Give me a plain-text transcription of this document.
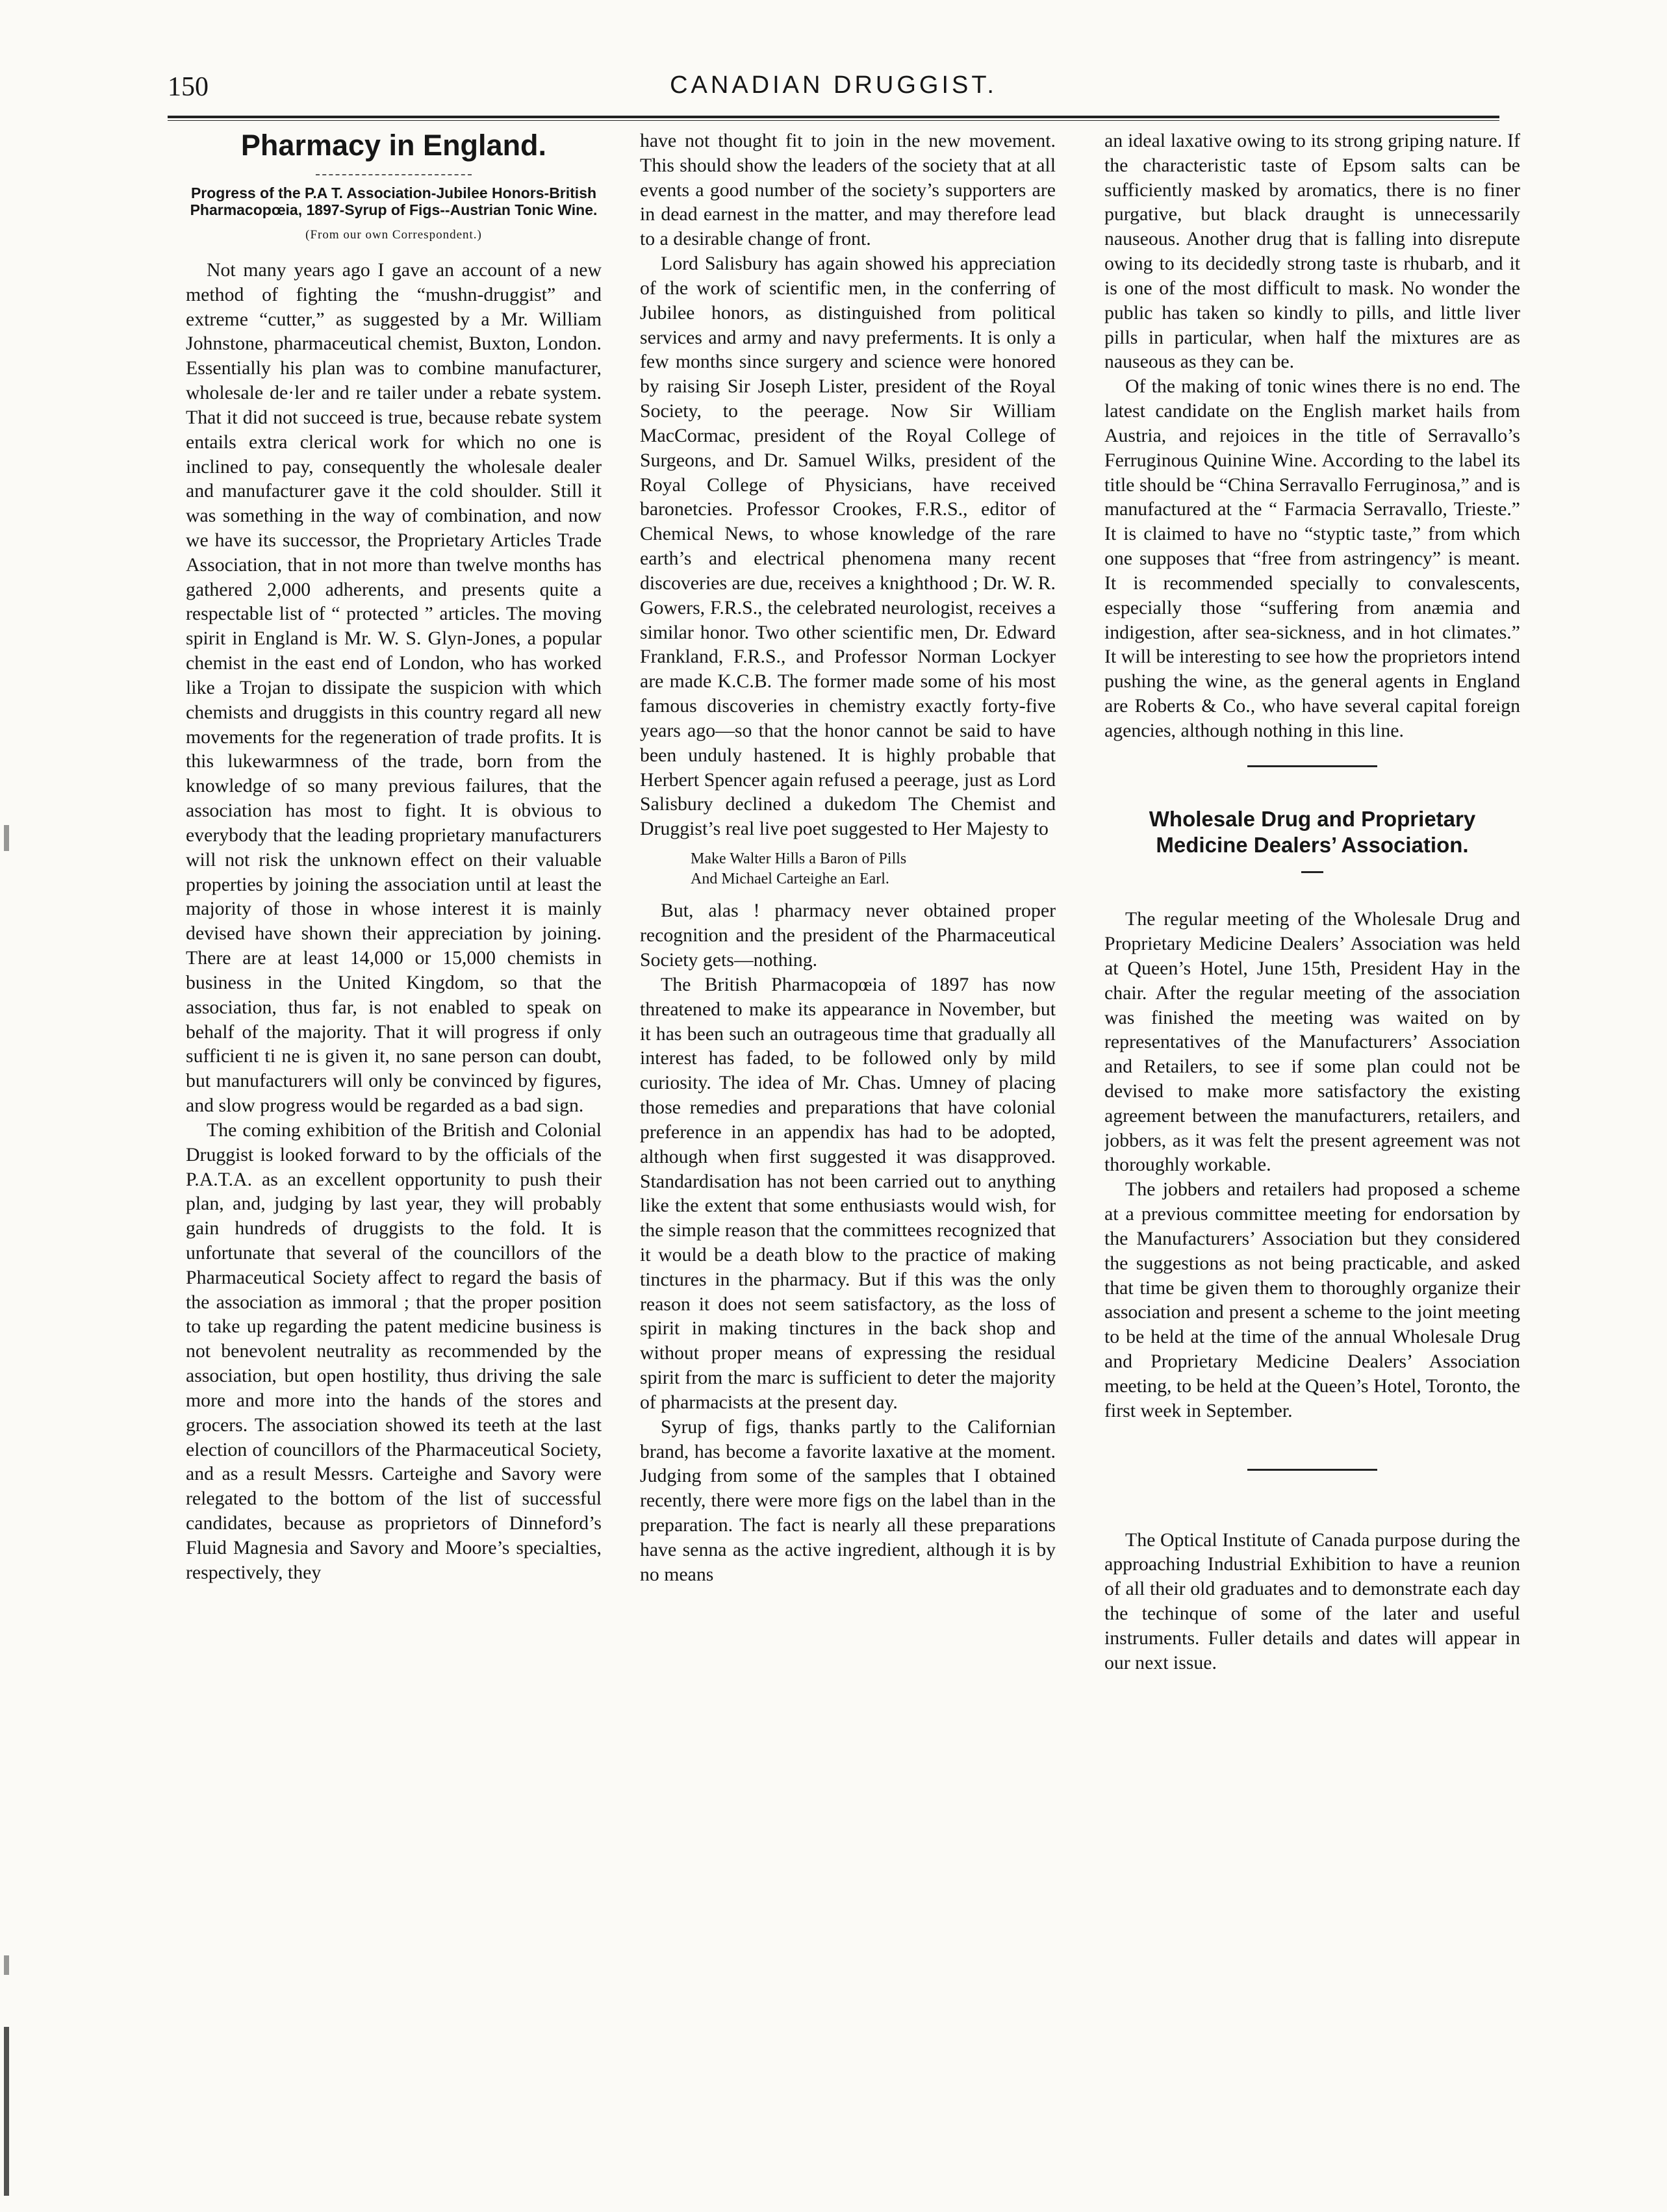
150	CANADIAN DRUGGIST.
Pharmacy in England.
Progress of the P.A T. Association-Jubilee Honors-British Pharmacopœia, 1897-Syrup of Figs--Austrian Tonic Wine.
(From our own Correspondent.)

Not many years ago I gave an account of a new method of fighting the “mushn-druggist” and extreme “cutter,” as suggested by a Mr. William Johnstone, pharmaceutical chemist, Buxton, London. Essentially his plan was to combine manufacturer, wholesale de·ler and re tailer under a rebate system. That it did not succeed is true, because rebate system entails extra clerical work for which no one is inclined to pay, consequently the wholesale dealer and manufacturer gave it the cold shoulder. Still it was something in the way of combination, and now we have its successor, the Proprietary Articles Trade Association, that in not more than twelve months has gathered 2,000 adherents, and presents quite a respectable list of “ protected ” articles. The moving spirit in England is Mr. W. S. Glyn-Jones, a popular chemist in the east end of London, who has worked like a Trojan to dissipate the suspicion with which chemists and druggists in this country regard all new movements for the regeneration of trade profits. It is this lukewarmness of the trade, born from the knowledge of so many previous failures, that the association has most to fight. It is obvious to everybody that the leading proprietary manufacturers will not risk the unknown effect on their valuable properties by joining the association until at least the majority of those in whose interest it is mainly devised have shown their appreciation by joining. There are at least 14,000 or 15,000 chemists in business in the United Kingdom, so that the association, thus far, is not enabled to speak on behalf of the majority. That it will progress if only sufficient ti ne is given it, no sane person can doubt, but manufacturers will only be convinced by figures, and slow progress would be regarded as a bad sign.

The coming exhibition of the British and Colonial Druggist is looked forward to by the officials of the P.A.T.A. as an excellent opportunity to push their plan, and, judging by last year, they will probably gain hundreds of druggists to the fold. It is unfortunate that several of the councillors of the Pharmaceutical Society affect to regard the basis of the association as immoral ; that the proper position to take up regarding the patent medicine business is not benevolent neutrality as recommended by the association, but open hostility, thus driving the sale more and more into the hands of the stores and grocers. The association showed its teeth at the last election of councillors of the Pharmaceutical Society, and as a result Messrs. Carteighe and Savory were relegated to the bottom of the list of successful candidates, because as proprietors of Dinneford’s Fluid Magnesia and Savory and Moore’s specialties, respectively, they

have not thought fit to join in the new movement. This should show the leaders of the society that at all events a good number of the society’s supporters are in dead earnest in the matter, and may therefore lead to a desirable change of front.

Lord Salisbury has again showed his appreciation of the work of scientific men, in the conferring of Jubilee honors, as distinguished from political services and army and navy preferments. It is only a few months since surgery and science were honored by raising Sir Joseph Lister, president of the Royal Society, to the peerage. Now Sir William MacCormac, president of the Royal College of Surgeons, and Dr. Samuel Wilks, president of the Royal College of Physicians, have received baronetcies. Professor Crookes, F.R.S., editor of Chemical News, to whose knowledge of the rare earth’s and electrical phenomena many recent discoveries are due, receives a knighthood ; Dr. W. R. Gowers, F.R.S., the celebrated neurologist, receives a similar honor. Two other scientific men, Dr. Edward Frankland, F.R.S., and Professor Norman Lockyer are made K.C.B. The former made some of his most famous discoveries in chemistry exactly forty-five years ago—so that the honor cannot be said to have been unduly hastened. It is highly probable that Herbert Spencer again refused a peerage, just as Lord Salisbury declined a dukedom The Chemist and Druggist’s real live poet suggested to Her Majesty to

Make Walter Hills a Baron of Pills
And Michael Carteighe an Earl.

But, alas ! pharmacy never obtained proper recognition and the president of the Pharmaceutical Society gets—nothing.

The British Pharmacopœia of 1897 has now threatened to make its appearance in November, but it has been such an outrageous time that gradually all interest has faded, to be followed only by mild curiosity. The idea of Mr. Chas. Umney of placing those remedies and preparations that have colonial preference in an appendix has had to be adopted, although when first suggested it was disapproved. Standardisation has not been carried out to anything like the extent that some enthusiasts would wish, for the simple reason that the committees recognized that it would be a death blow to the practice of making tinctures in the pharmacy. But if this was the only reason it does not seem satisfactory, as the loss of spirit in making tinctures in the back shop and without proper means of expressing the residual spirit from the marc is sufficient to deter the majority of pharmacists at the present day.

Syrup of figs, thanks partly to the Californian brand, has become a favorite laxative at the moment. Judging from some of the samples that I obtained recently, there were more figs on the label than in the preparation. The fact is nearly all these preparations have senna as the active ingredient, although it is by no means

an ideal laxative owing to its strong griping nature. If the characteristic taste of Epsom salts can be sufficiently masked by aromatics, there is no finer purgative, but black draught is unnecessarily nauseous. Another drug that is falling into disrepute owing to its decidedly strong taste is rhubarb, and it is one of the most difficult to mask. No wonder the public has taken so kindly to pills, and little liver pills in particular, when half the mixtures are as nauseous as they can be.

Of the making of tonic wines there is no end. The latest candidate on the English market hails from Austria, and rejoices in the title of Serravallo’s Ferruginous Quinine Wine. According to the label its title should be “China Serravallo Ferruginosa,” and is manufactured at the “ Farmacia Serravallo, Trieste.” It is claimed to have no “styptic taste,” from which one supposes that “free from astringency” is meant. It is recommended specially to convalescents, especially those “suffering from anæmia and indigestion, after sea-sickness, and in hot climates.” It will be interesting to see how the proprietors intend pushing the wine, as the general agents in England are Roberts & Co., who have several capital foreign agencies, although nothing in this line.

Wholesale Drug and Proprietary Medicine Dealers’ Association.

The regular meeting of the Wholesale Drug and Proprietary Medicine Dealers’ Association was held at Queen’s Hotel, June 15th, President Hay in the chair. After the regular meeting of the association was finished the meeting was waited on by representatives of the Manufacturers’ Association and Retailers, to see if some plan could not be devised to make more satisfactory the existing agreement between the manufacturers, retailers, and jobbers, as it was felt the present agreement was not thoroughly workable.

The jobbers and retailers had proposed a scheme at a previous committee meeting for endorsation by the Manufacturers’ Association but they considered the suggestions as not being practicable, and asked that time be given them to thoroughly organize their association and present a scheme to the joint meeting to be held at the time of the annual Wholesale Drug and Proprietary Medicine Dealers’ Association meeting, to be held at the Queen’s Hotel, Toronto, the first week in September.

The Optical Institute of Canada purpose during the approaching Industrial Exhibition to have a reunion of all their old graduates and to demonstrate each day the techinque of some of the later and useful instruments. Fuller details and dates will appear in our next issue.
